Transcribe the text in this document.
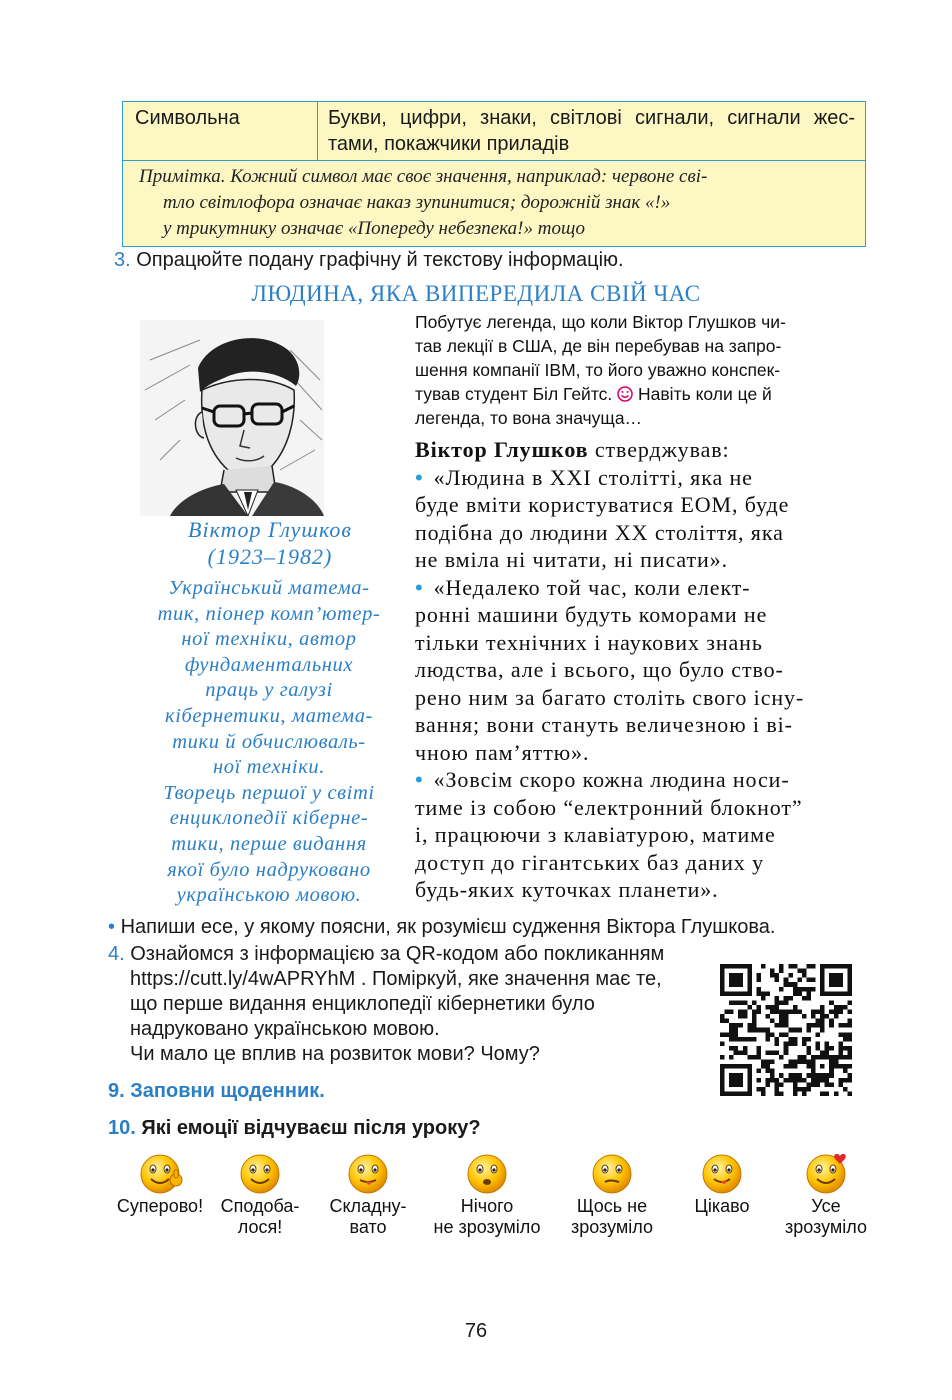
Символьна	Букви, цифри, знаки, світлові сигнали, сигнали жес-
тами, покажчики приладів
Примітка. Кожний символ має своє значення, наприклад: червоне сві-
тло світлофора означає наказ зупинитися; дорожній знак «!»
у трикутнику означає «Попереду небезпека!» тощо
3. Опрацюйте подану графічну й текстову інформацію.
ЛЮДИНА, ЯКА ВИПЕРЕДИЛА СВІЙ ЧАС
Віктор Глушков
(1923–1982)
Український матема-
тик, піонер комп’ютер-
ної техніки, автор
фундаментальних
праць у галузі
кібернетики, матема-
тики й обчислюваль-
ної техніки.
Творець першої у світі
енциклопедії кіберне-
тики, перше видання
якої було надруковано
українською мовою.
Побутує легенда, що коли Віктор Глушков чи-
тав лекції в США, де він перебував на запро-
шення компанії IBM, то його уважно конспек-
тував студент Біл Гейтс. Навіть коли це й
легенда, то вона значуща…
Віктор Глушков стверджував:
• «Людина в XXI столітті, яка не
буде вміти користуватися ЕОМ, буде
подібна до людини XX століття, яка
не вміла ні читати, ні писати».
• «Недалеко той час, коли елект-
ронні машини будуть коморами не
тільки технічних і наукових знань
людства, але і всього, що було ство-
рено ним за багато століть свого існу-
вання; вони стануть величезною і ві-
чною пам’яттю».
• «Зовсім скоро кожна людина носи-
тиме із собою “електронний блокнот”
і, працюючи з клавіатурою, матиме
доступ до гігантських баз даних у
будь-яких куточках планети».
• Напиши есе, у якому поясни, як розумієш судження Віктора Глушкова.
4. Ознайомся з інформацією за QR-кодом або покликанням
https://cutt.ly/4wAPRYhM . Поміркуй, яке значення має те,
що перше видання енциклопедії кібернетики було
надруковано українською мовою.
Чи мало це вплив на розвиток мови? Чому?
9. Заповни щоденник.
10. Які емоції відчуваєш після уроку?
Суперово! Сподоба-
лося!
Складну-
вато
Нічого
не зрозуміло
Щось не
зрозуміло
Цікаво	Усе
зрозуміло
76
